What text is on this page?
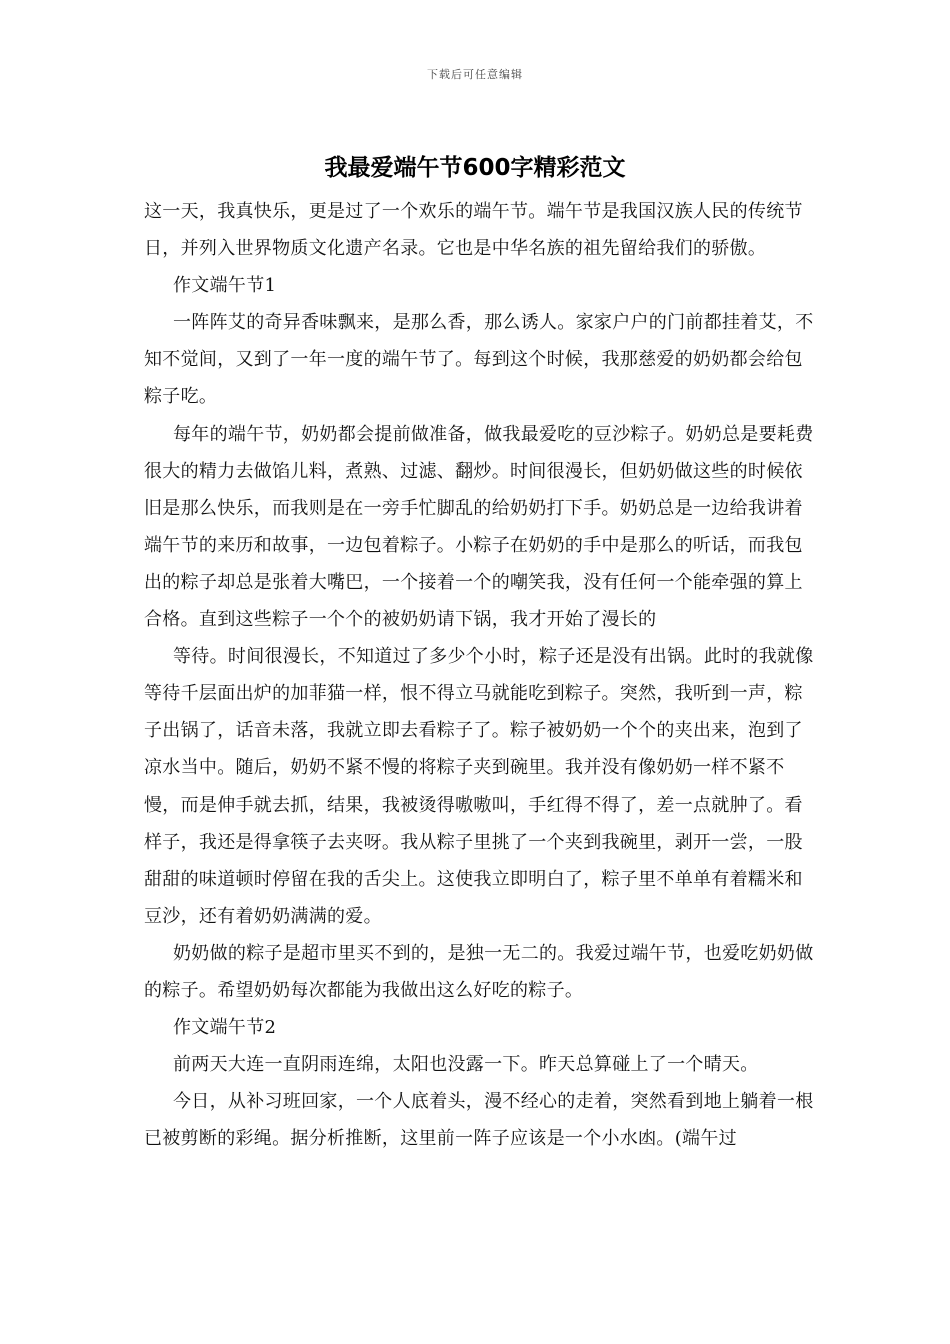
下载后可任意编辑
我最爱端午节600字精彩范文

这一天，我真快乐，更是过了一个欢乐的端午节。端午节是我国汉族人民的传统节日，并列入世界物质文化遗产名录。它也是中华名族的祖先留给我们的骄傲。

作文端午节1

一阵阵艾的奇异香味飘来，是那么香，那么诱人。家家户户的门前都挂着艾，不知不觉间，又到了一年一度的端午节了。每到这个时候，我那慈爱的奶奶都会给包粽子吃。

每年的端午节，奶奶都会提前做准备，做我最爱吃的豆沙粽子。奶奶总是要耗费很大的精力去做馅儿料，煮熟、过滤、翻炒。时间很漫长，但奶奶做这些的时候依旧是那么快乐，而我则是在一旁手忙脚乱的给奶奶打下手。奶奶总是一边给我讲着端午节的来历和故事，一边包着粽子。小粽子在奶奶的手中是那么的听话，而我包出的粽子却总是张着大嘴巴，一个接着一个的嘲笑我，没有任何一个能牵强的算上合格。直到这些粽子一个个的被奶奶请下锅，我才开始了漫长的

等待。时间很漫长，不知道过了多少个小时，粽子还是没有出锅。此时的我就像等待千层面出炉的加菲猫一样，恨不得立马就能吃到粽子。突然，我听到一声，粽子出锅了，话音未落，我就立即去看粽子了。粽子被奶奶一个个的夹出来，泡到了凉水当中。随后，奶奶不紧不慢的将粽子夹到碗里。我并没有像奶奶一样不紧不慢，而是伸手就去抓，结果，我被烫得嗷嗷叫，手红得不得了，差一点就肿了。看样子，我还是得拿筷子去夹呀。我从粽子里挑了一个夹到我碗里，剥开一尝，一股甜甜的味道顿时停留在我的舌尖上。这使我立即明白了，粽子里不单单有着糯米和豆沙，还有着奶奶满满的爱。

奶奶做的粽子是超市里买不到的，是独一无二的。我爱过端午节，也爱吃奶奶做的粽子。希望奶奶每次都能为我做出这么好吃的粽子。

作文端午节2

前两天大连一直阴雨连绵，太阳也没露一下。昨天总算碰上了一个晴天。

今日，从补习班回家，一个人底着头，漫不经心的走着，突然看到地上躺着一根已被剪断的彩绳。据分析推断，这里前一阵子应该是一个小水凼。(端午过
